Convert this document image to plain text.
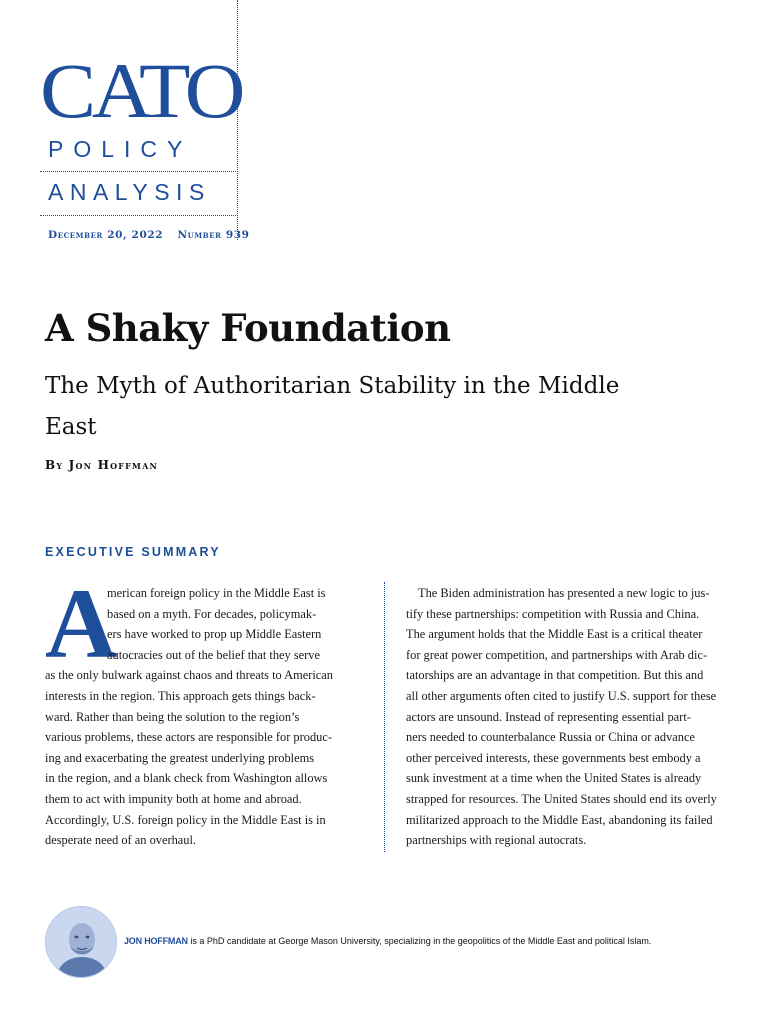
CATO
POLICY
ANALYSIS
December 20, 2022 Number 939
A Shaky Foundation
The Myth of Authoritarian Stability in the Middle East
By Jon Hoffman
EXECUTIVE SUMMARY
A
merican foreign policy in the Middle East is
based on a myth. For decades, policymak-
ers have worked to prop up Middle Eastern
autocracies out of the belief that they serve
as the only bulwark against chaos and threats to American
interests in the region. This approach gets things back-
ward. Rather than being the solution to the region’s
various problems, these actors are responsible for produc-
ing and exacerbating the greatest underlying problems
in the region, and a blank check from Washington allows
them to act with impunity both at home and abroad.
Accordingly, U.S. foreign policy in the Middle East is in
desperate need of an overhaul.
The Biden administration has presented a new logic to jus-
tify these partnerships: competition with Russia and China.
The argument holds that the Middle East is a critical theater
for great power competition, and partnerships with Arab dic-
tatorships are an advantage in that competition. But this and
all other arguments often cited to justify U.S. support for these
actors are unsound. Instead of representing essential part-
ners needed to counterbalance Russia or China or advance
other perceived interests, these governments best embody a
sunk investment at a time when the United States is already
strapped for resources. The United States should end its overly
militarized approach to the Middle East, abandoning its failed
partnerships with regional autocrats.
JON HOFFMAN is a PhD candidate at George Mason University, specializing in the geopolitics of the Middle East and political Islam.
